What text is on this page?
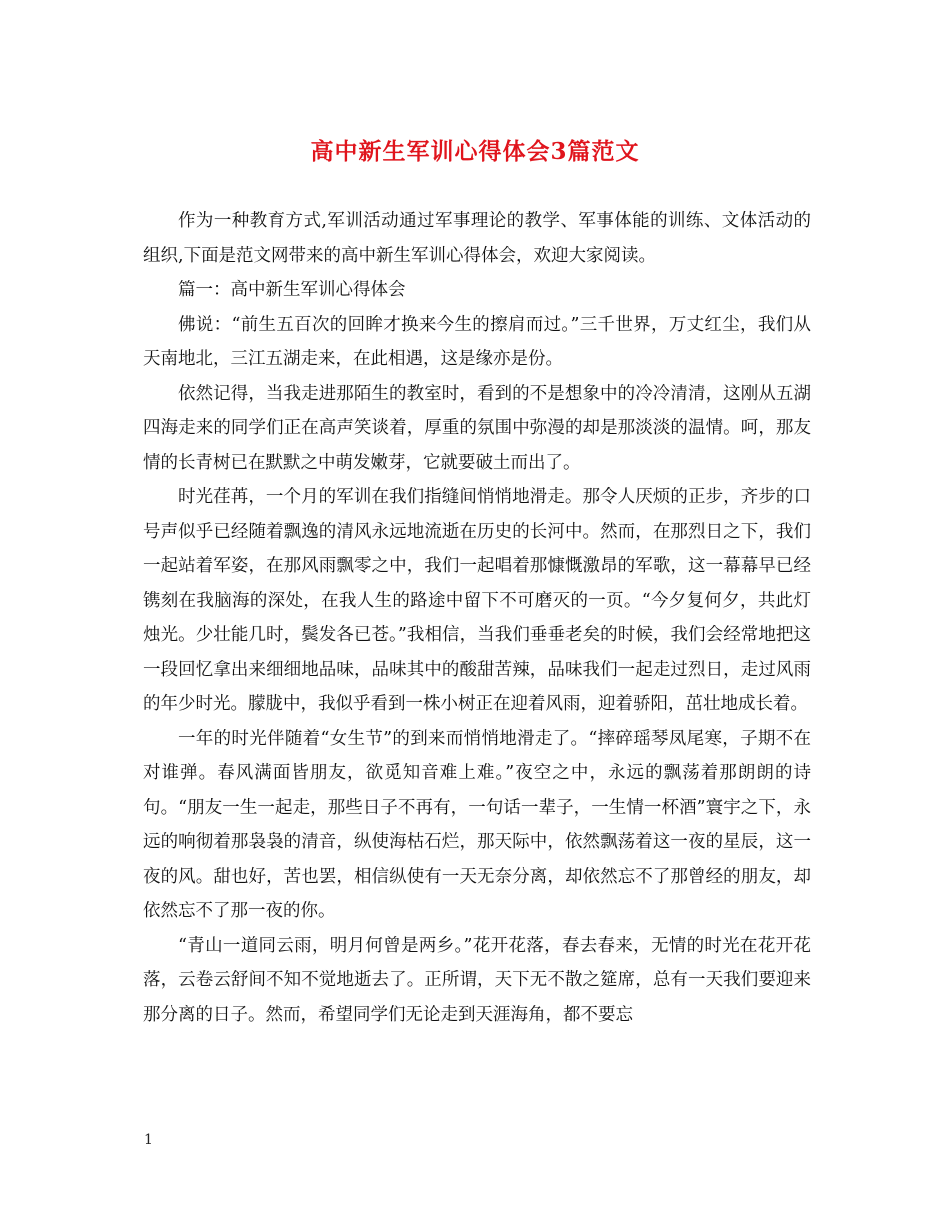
高中新生军训心得体会3篇范文

作为一种教育方式,军训活动通过军事理论的教学、军事体能的训练、文体活动的组织,下面是范文网带来的高中新生军训心得体会，欢迎大家阅读。

篇一：高中新生军训心得体会

佛说：“前生五百次的回眸才换来今生的擦肩而过。”三千世界，万丈红尘，我们从天南地北，三江五湖走来，在此相遇，这是缘亦是份。

依然记得，当我走进那陌生的教室时，看到的不是想象中的冷冷清清，这刚从五湖四海走来的同学们正在高声笑谈着，厚重的氛围中弥漫的却是那淡淡的温情。呵，那友情的长青树已在默默之中萌发嫩芽，它就要破土而出了。

时光荏苒，一个月的军训在我们指缝间悄悄地滑走。那令人厌烦的正步，齐步的口号声似乎已经随着飘逸的清风永远地流逝在历史的长河中。然而，在那烈日之下，我们一起站着军姿，在那风雨飘零之中，我们一起唱着那慷慨激昂的军歌，这一幕幕早已经镌刻在我脑海的深处，在我人生的路途中留下不可磨灭的一页。“今夕复何夕，共此灯烛光。少壮能几时，鬓发各已苍。”我相信，当我们垂垂老矣的时候，我们会经常地把这一段回忆拿出来细细地品味，品味其中的酸甜苦辣，品味我们一起走过烈日，走过风雨的年少时光。朦胧中，我似乎看到一株小树正在迎着风雨，迎着骄阳，茁壮地成长着。

一年的时光伴随着“女生节”的到来而悄悄地滑走了。“摔碎瑶琴凤尾寒，子期不在对谁弹。春风满面皆朋友，欲觅知音难上难。”夜空之中，永远的飘荡着那朗朗的诗句。“朋友一生一起走，那些日子不再有，一句话一辈子，一生情一杯酒”寰宇之下，永远的响彻着那袅袅的清音，纵使海枯石烂，那天际中，依然飘荡着这一夜的星辰，这一夜的风。甜也好，苦也罢，相信纵使有一天无奈分离，却依然忘不了那曾经的朋友，却依然忘不了那一夜的你。

“青山一道同云雨，明月何曾是两乡。”花开花落，春去春来，无情的时光在花开花落，云卷云舒间不知不觉地逝去了。正所谓，天下无不散之筵席，总有一天我们要迎来那分离的日子。然而，希望同学们无论走到天涯海角，都不要忘

1
